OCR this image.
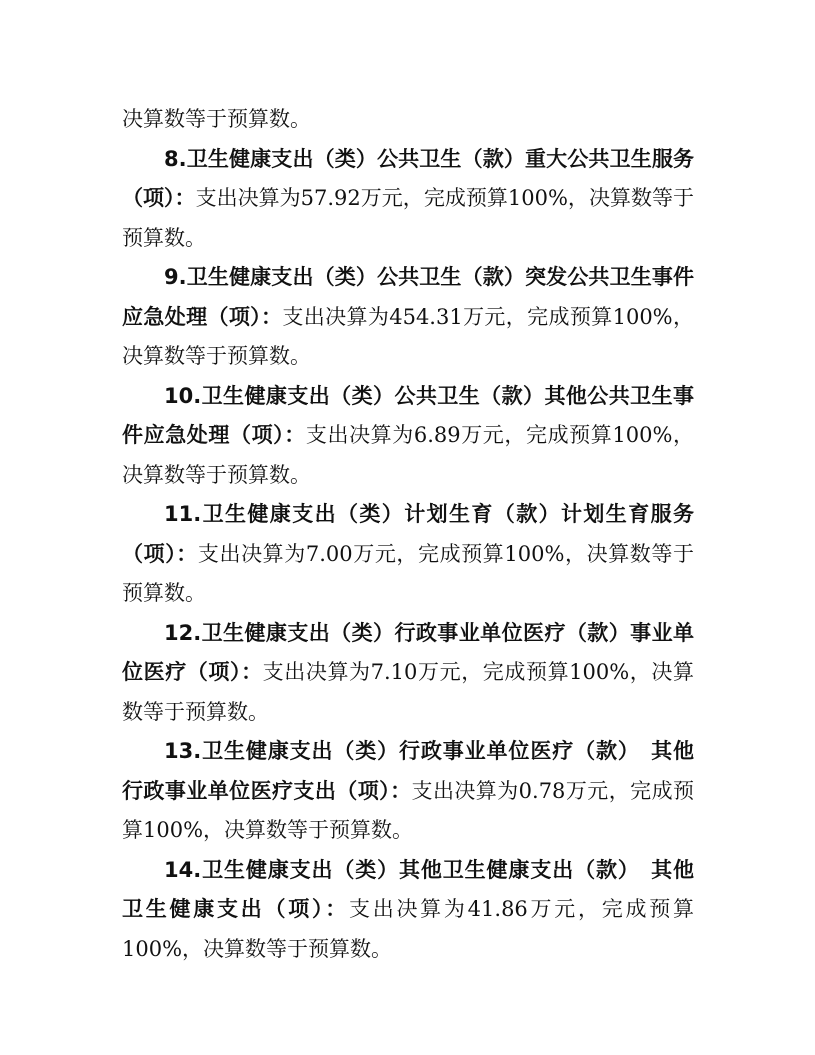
决算数等于预算数。

8.卫生健康支出（类）公共卫生（款）重大公共卫生服务（项）：支出决算为57.92万元，完成预算100%，决算数等于预算数。

9.卫生健康支出（类）公共卫生（款）突发公共卫生事件应急处理（项）：支出决算为454.31万元，完成预算100%，决算数等于预算数。

10.卫生健康支出（类）公共卫生（款）其他公共卫生事件应急处理（项）：支出决算为6.89万元，完成预算100%，决算数等于预算数。

11.卫生健康支出（类）计划生育（款）计划生育服务（项）：支出决算为7.00万元，完成预算100%，决算数等于预算数。

12.卫生健康支出（类）行政事业单位医疗（款）事业单位医疗（项）：支出决算为7.10万元，完成预算100%，决算数等于预算数。

13.卫生健康支出（类）行政事业单位医疗（款）　其他行政事业单位医疗支出（项）：支出决算为0.78万元，完成预算100%，决算数等于预算数。

14.卫生健康支出（类）其他卫生健康支出（款）　其他卫生健康支出（项）：支出决算为41.86万元，完成预算100%，决算数等于预算数。
